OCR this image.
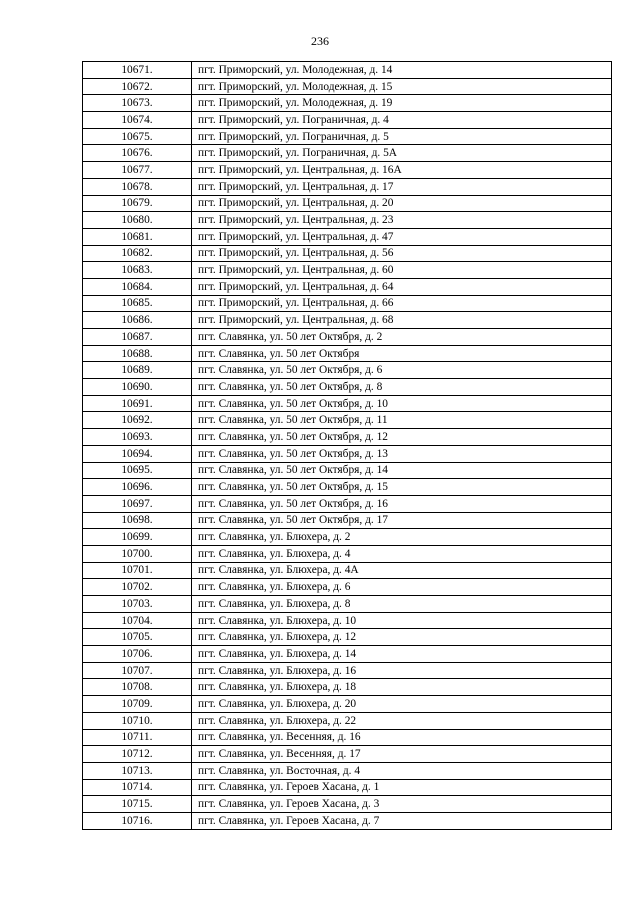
236
10671.	пгт. Приморский, ул. Молодежная, д. 14
10672.	пгт. Приморский, ул. Молодежная, д. 15
10673.	пгт. Приморский, ул. Молодежная, д. 19
10674.	пгт. Приморский, ул. Пограничная, д. 4
10675.	пгт. Приморский, ул. Пограничная, д. 5
10676.	пгт. Приморский, ул. Пограничная, д. 5А
10677.	пгт. Приморский, ул. Центральная, д. 16А
10678.	пгт. Приморский, ул. Центральная, д. 17
10679.	пгт. Приморский, ул. Центральная, д. 20
10680.	пгт. Приморский, ул. Центральная, д. 23
10681.	пгт. Приморский, ул. Центральная, д. 47
10682.	пгт. Приморский, ул. Центральная, д. 56
10683.	пгт. Приморский, ул. Центральная, д. 60
10684.	пгт. Приморский, ул. Центральная, д. 64
10685.	пгт. Приморский, ул. Центральная, д. 66
10686.	пгт. Приморский, ул. Центральная, д. 68
10687.	пгт. Славянка, ул. 50 лет Октября, д. 2
10688.	пгт. Славянка, ул. 50 лет Октября
10689.	пгт. Славянка, ул. 50 лет Октября, д. 6
10690.	пгт. Славянка, ул. 50 лет Октября, д. 8
10691.	пгт. Славянка, ул. 50 лет Октября, д. 10
10692.	пгт. Славянка, ул. 50 лет Октября, д. 11
10693.	пгт. Славянка, ул. 50 лет Октября, д. 12
10694.	пгт. Славянка, ул. 50 лет Октября, д. 13
10695.	пгт. Славянка, ул. 50 лет Октября, д. 14
10696.	пгт. Славянка, ул. 50 лет Октября, д. 15
10697.	пгт. Славянка, ул. 50 лет Октября, д. 16
10698.	пгт. Славянка, ул. 50 лет Октября, д. 17
10699.	пгт. Славянка, ул. Блюхера, д. 2
10700.	пгт. Славянка, ул. Блюхера, д. 4
10701.	пгт. Славянка, ул. Блюхера, д. 4А
10702.	пгт. Славянка, ул. Блюхера, д. 6
10703.	пгт. Славянка, ул. Блюхера, д. 8
10704.	пгт. Славянка, ул. Блюхера, д. 10
10705.	пгт. Славянка, ул. Блюхера, д. 12
10706.	пгт. Славянка, ул. Блюхера, д. 14
10707.	пгт. Славянка, ул. Блюхера, д. 16
10708.	пгт. Славянка, ул. Блюхера, д. 18
10709.	пгт. Славянка, ул. Блюхера, д. 20
10710.	пгт. Славянка, ул. Блюхера, д. 22
10711.	пгт. Славянка, ул. Весенняя, д. 16
10712.	пгт. Славянка, ул. Весенняя, д. 17
10713.	пгт. Славянка, ул. Восточная, д. 4
10714.	пгт. Славянка, ул. Героев Хасана, д. 1
10715.	пгт. Славянка, ул. Героев Хасана, д. 3
10716.	пгт. Славянка, ул. Героев Хасана, д. 7
